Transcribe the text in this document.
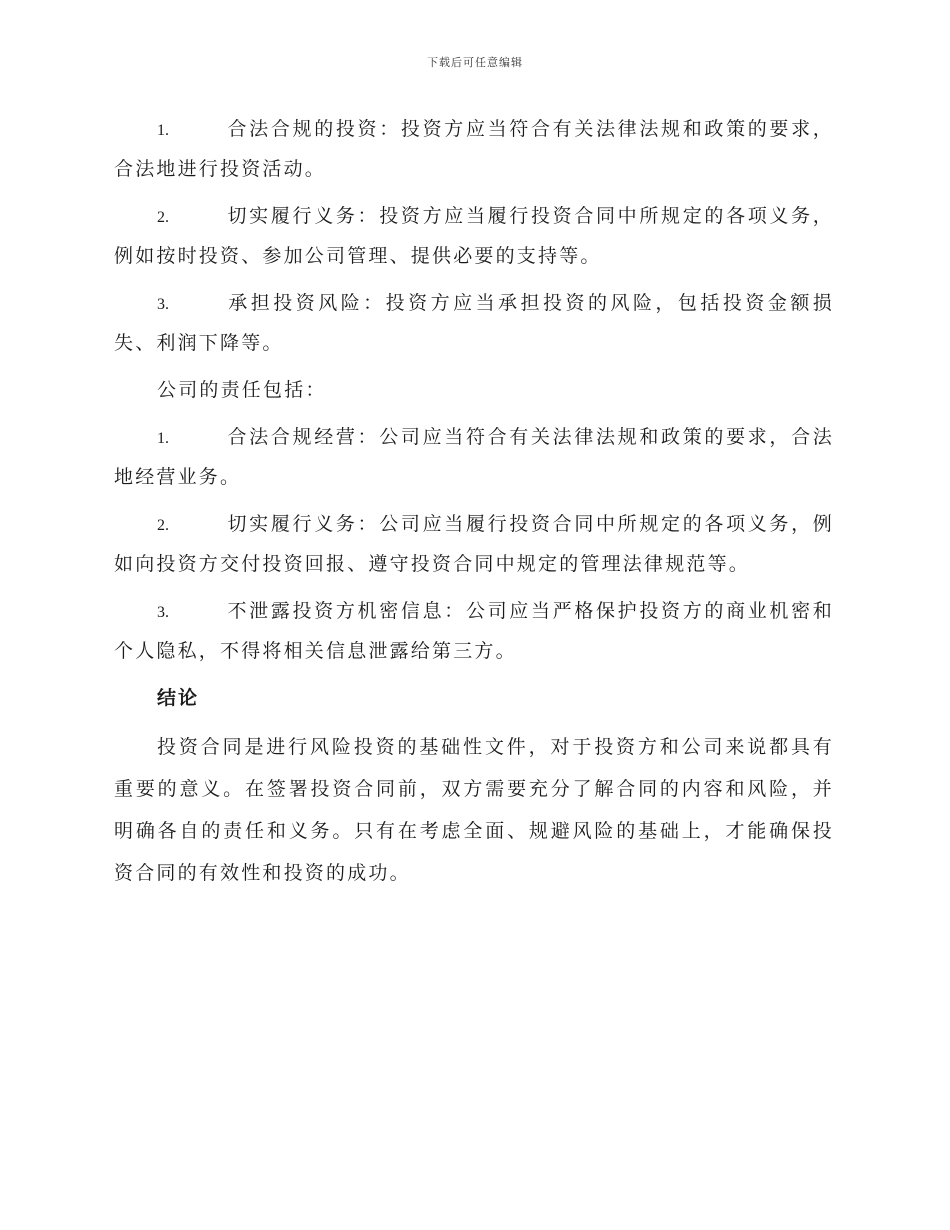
下载后可任意编辑

1.	合法合规的投资：投资方应当符合有关法律法规和政策的要求，合法地进行投资活动。

2.	切实履行义务：投资方应当履行投资合同中所规定的各项义务，例如按时投资、参加公司管理、提供必要的支持等。

3.	承担投资风险：投资方应当承担投资的风险，包括投资金额损失、利润下降等。

公司的责任包括：

1.	合法合规经营：公司应当符合有关法律法规和政策的要求，合法地经营业务。

2.	切实履行义务：公司应当履行投资合同中所规定的各项义务，例如向投资方交付投资回报、遵守投资合同中规定的管理法律规范等。

3.	不泄露投资方机密信息：公司应当严格保护投资方的商业机密和个人隐私，不得将相关信息泄露给第三方。

结论

投资合同是进行风险投资的基础性文件，对于投资方和公司来说都具有重要的意义。在签署投资合同前，双方需要充分了解合同的内容和风险，并明确各自的责任和义务。只有在考虑全面、规避风险的基础上，才能确保投资合同的有效性和投资的成功。
